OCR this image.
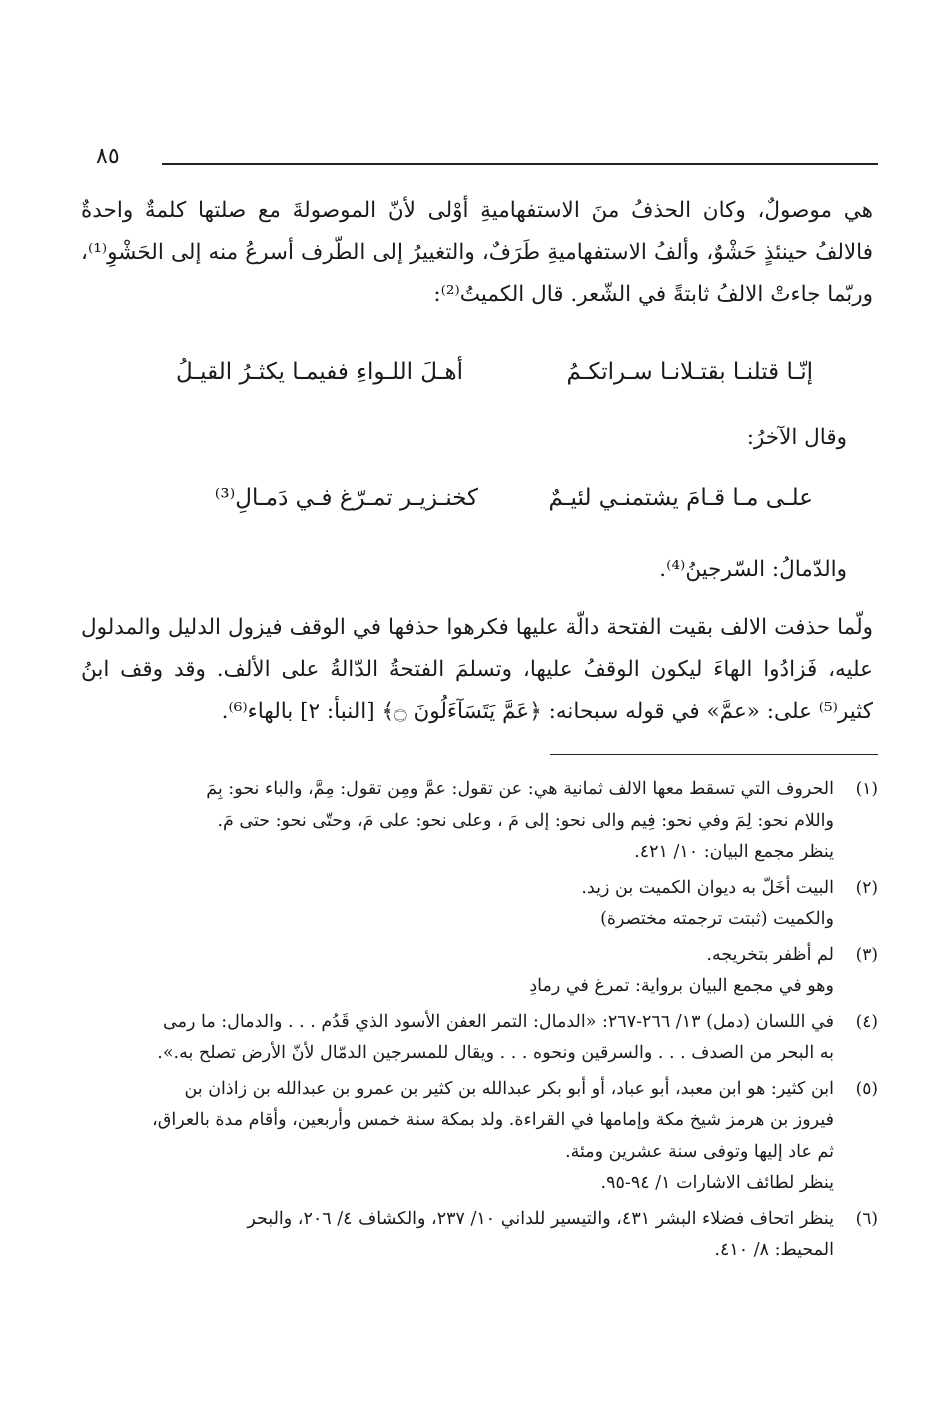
٨٥

هي موصولٌ، وكان الحذفُ منَ الاستفهاميةِ أوْلى لأنّ الموصولةَ مع صلتها كلمةٌ واحدةٌ فالالفُ حينئذٍ حَشْوٌ، وألفُ الاستفهاميةِ طَرَفٌ، والتغييرُ إلى الطّرف أسرعُ منه إلى الحَشْوِ⁽¹⁾، وربّما جاءتْ الالفُ ثابتةً في الشّعر. قال الكميتُ⁽²⁾:

إنّـا قتلنـا بقتـلانـا سـراتكـمُ
أهـلَ اللـواءِ ففيمـا يكثـرُ القيـلُ
وقال الآخرُ:
علـى مـا قـامَ يشتمنـي لئيـمٌ
كخنـزيـر تمـرّغ فـي دَمـالِ⁽³⁾
والدّمالُ: السّرجينُ⁽⁴⁾.

ولّما حذفت الالف بقيت الفتحة دالّة عليها فكرهوا حذفها في الوقف فيزول الدليل والمدلول عليه، فَزادُوا الهاءَ ليكون الوقفُ عليها، وتسلمَ الفتحةُ الدّالةُ على الألف. وقد وقف ابنُ كثير⁽⁵⁾ على: «عمَّ» في قوله سبحانه: ﴿عَمَّ يَتَسَآءَلُونَ ۝﴾ [النبأ: ٢] بالهاء⁽⁶⁾.

(١)
الحروف التي تسقط معها الالف ثمانية هي: عن تقول: عمَّ ومِن تقول: مِمَّ، والباء نحو: بِمَ
واللام نحو: لِمَ وفي نحو: فِيم والى نحو: إلى مَ ، وعلى نحو: على مَ، وحتّى نحو: حتى مَ.
ينظر مجمع البيان: ١٠/ ٤٢١.
(٢)
البيت أخَلّ به ديوان الكميت بن زيد.
والكميت (ثبتت ترجمته مختصرة)
(٣)
لم أظفر بتخريجه.
وهو في مجمع البيان برواية: تمرغ في رمادِ
(٤)
في اللسان (دمل) ١٣/ ٢٦٦-٢٦٧: «الدمال: التمر العفن الأسود الذي قَدُم . . . والدمال: ما رمى
به البحر من الصدف . . . والسرقين ونحوه . . . ويقال للمسرجين الدمّال لأنّ الأرض تصلح به.».
(٥)
ابن كثير: هو ابن معبد، أبو عباد، أو أبو بكر عبدالله بن كثير بن عمرو بن عبدالله بن زاذان بن
فيروز بن هرمز شيخ مكة وإمامها في القراءة. ولد بمكة سنة خمس وأربعين، وأقام مدة بالعراق،
ثم عاد إليها وتوفى سنة عشرين ومئة.
ينظر لطائف الاشارات ١/ ٩٤-٩٥.
(٦)
ينظر اتحاف فضلاء البشر ٤٣١، والتيسير للداني ١٠/ ٢٣٧، والكشاف ٤/ ٢٠٦، والبحر
المحيط: ٨/ ٤١٠.
